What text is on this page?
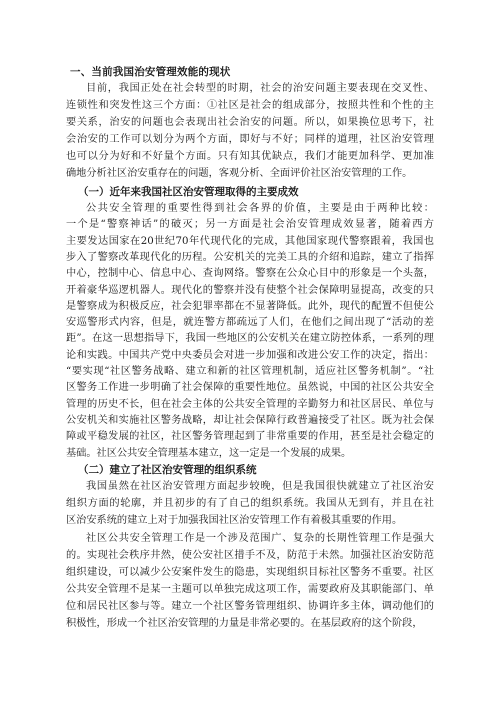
一、当前我国治安管理效能的现状
目前，我国正处在社会转型的时期，社会的治安问题主要表现在交叉性、
连锁性和突发性这三个方面：①社区是社会的组成部分，按照共性和个性的主
要关系，治安的问题也会表现出社会治安的问题。所以，如果换位思考下，社
会治安的工作可以划分为两个方面，即好与不好；同样的道理，社区治安管理
也可以分为好和不好量个方面。只有知其优缺点，我们才能更加科学、更加准
确地分析社区治安重存在的问题，客观分析、全面评价社区治安管理的工作。
（一）近年来我国社区治安管理取得的主要成效
公共安全管理的重要性得到社会各界的价值，主要是由于两种比较：
一个是“警察神话”的破灭；另一方面是社会治安管理成效显著，随着西方
主要发达国家在20世纪70年代现代化的完成，其他国家现代警察跟着，我国也
步入了警察改革现代化的历程。公安机关的完美工具的介绍和追踪，建立了指挥
中心，控制中心、信息中心、查询网络。警察在公众心目中的形象是一个头盔，
开着豪华巡逻机器人。现代化的警察并没有使整个社会保障明显提高，改变的只
是警察成为积极反应，社会犯罪率都在不显著降低。此外，现代的配置不但使公
安巡警形式内容，但是，就连警方都疏远了人们，在他们之间出现了“活动的差
距”。在这一思想指导下，我国一些地区的公安机关在建立防控体系，一系列的理
论和实践。中国共产党中央委员会对进一步加强和改进公安工作的决定，指出：
“要实现“社区警务战略、建立和新的社区管理机制，适应社区警务机制”。“社
区警务工作进一步明确了社会保障的重要性地位。虽然说，中国的社区公共安全
管理的历史不长，但在社会主体的公共安全管理的辛勤努力和社区居民、单位与
公安机关和实施社区警务战略，却让社会保障行政普遍接受了社区。既为社会保
障或平稳发展的社区，社区警务管理起到了非常重要的作用，甚至是社会稳定的
基础。社区公共安全管理基本建立，这一定是一个发展的成果。
（二）建立了社区治安管理的组织系统
我国虽然在社区治安管理方面起步较晚，但是我国很快就建立了社区治安
组织方面的轮廓，并且初步的有了自己的组织系统。我国从无到有，并且在社
区治安系统的建立上对于加强我国社区治安管理工作有着极其重要的作用。
社区公共安全管理工作是一个涉及范围广、复杂的长期性管理工作是强大
的。实现社会秩序井然，使公安社区措手不及，防范于未然。加强社区治安防范
组织建设，可以减少公安案件发生的隐患，实现组织目标社区警务不重要。社区
公共安全管理不是某一主题可以单独完成这项工作，需要政府及其职能部门、单
位和居民社区参与等。建立一个社区警务管理组织、协调许多主体，调动他们的
积极性，形成一个社区治安管理的力量是非常必要的。在基层政府的这个阶段，
